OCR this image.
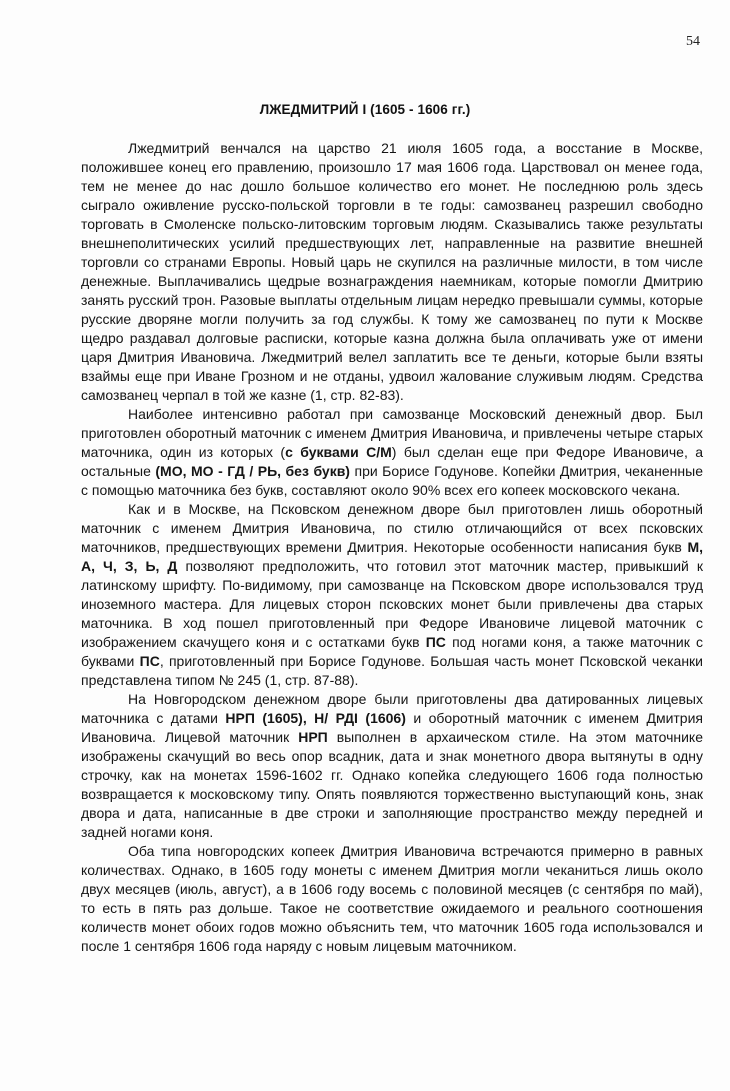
54
ЛЖЕДМИТРИЙ I (1605 - 1606 гг.)

Лжедмитрий венчался на царство 21 июля 1605 года, а восстание в Москве, положившее конец его правлению, произошло 17 мая 1606 года. Царствовал он менее года, тем не менее до нас дошло большое количество его монет. Не последнюю роль здесь сыграло оживление русско-польской торговли в те годы: самозванец разрешил свободно торговать в Смоленске польско-литовским торговым людям. Сказывались также результаты внешнеполитических усилий предшествующих лет, направленные на развитие внешней торговли со странами Европы. Новый царь не скупился на различные милости, в том числе денежные. Выплачивались щедрые вознаграждения наемникам, которые помогли Дмитрию занять русский трон. Разовые выплаты отдельным лицам нередко превышали суммы, которые русские дворяне могли получить за год службы. К тому же самозванец по пути к Москве щедро раздавал долговые расписки, которые казна должна была оплачивать уже от имени царя Дмитрия Ивановича. Лжедмитрий велел заплатить все те деньги, которые были взяты взаймы еще при Иване Грозном и не отданы, удвоил жалование служивым людям. Средства самозванец черпал в той же казне (1, стр. 82-83).

Наиболее интенсивно работал при самозванце Московский денежный двор. Был приготовлен оборотный маточник с именем Дмитрия Ивановича, и привлечены четыре старых маточника, один из которых (с буквами С/М) был сделан еще при Федоре Ивановиче, а остальные (МО, МО - ГД / РЬ, без букв) при Борисе Годунове. Копейки Дмитрия, чеканенные с помощью маточника без букв, составляют около 90% всех его копеек московского чекана.

Как и в Москве, на Псковском денежном дворе был приготовлен лишь оборотный маточник с именем Дмитрия Ивановича, по стилю отличающийся от всех псковских маточников, предшествующих времени Дмитрия. Некоторые особенности написания букв М, А, Ч, З, Ь, Д позволяют предположить, что готовил этот маточник мастер, привыкший к латинскому шрифту. По-видимому, при самозванце на Псковском дворе использовался труд иноземного мастера. Для лицевых сторон псковских монет были привлечены два старых маточника. В ход пошел приготовленный при Федоре Ивановиче лицевой маточник с изображением скачущего коня и с остатками букв ПС под ногами коня, а также маточник с буквами ПС, приготовленный при Борисе Годунове. Большая часть монет Псковской чеканки представлена типом № 245 (1, стр. 87-88).

На Новгородском денежном дворе были приготовлены два датированных лицевых маточника с датами НРП (1605), Н/ РДI (1606) и оборотный маточник с именем Дмитрия Ивановича. Лицевой маточник НРП выполнен в архаическом стиле. На этом маточнике изображены скачущий во весь опор всадник, дата и знак монетного двора вытянуты в одну строчку, как на монетах 1596-1602 гг. Однако копейка следующего 1606 года полностью возвращается к московскому типу. Опять появляются торжественно выступающий конь, знак двора и дата, написанные в две строки и заполняющие пространство между передней и задней ногами коня.

Оба типа новгородских копеек Дмитрия Ивановича встречаются примерно в равных количествах. Однако, в 1605 году монеты с именем Дмитрия могли чеканиться лишь около двух месяцев (июль, август), а в 1606 году восемь с половиной месяцев (с сентября по май), то есть в пять раз дольше. Такое не соответствие ожидаемого и реального соотношения количеств монет обоих годов можно объяснить тем, что маточник 1605 года использовался и после 1 сентября 1606 года наряду с новым лицевым маточником.
